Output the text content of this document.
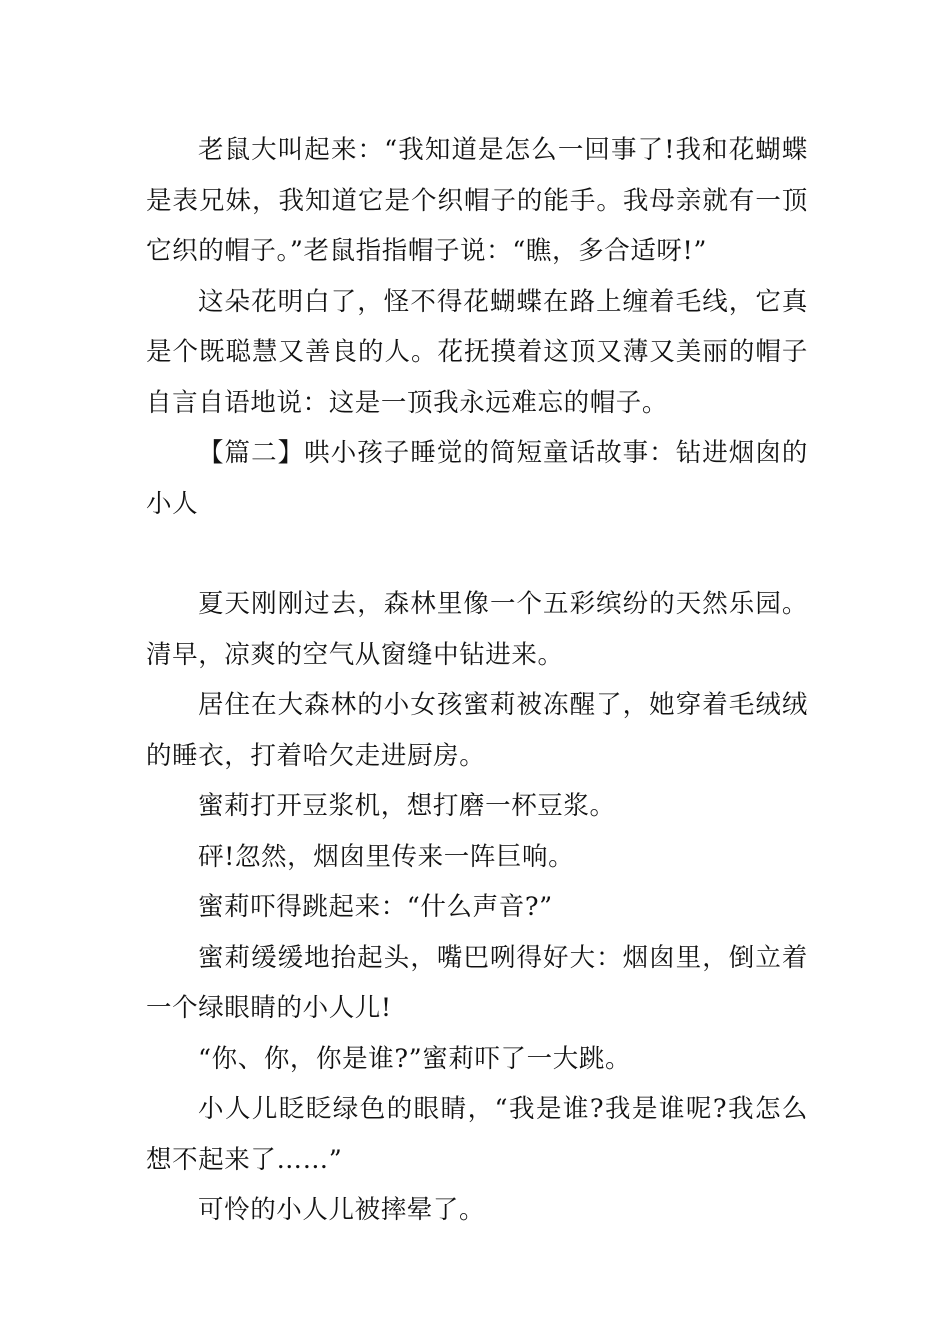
老鼠大叫起来：“我知道是怎么一回事了!我和花蝴蝶是表兄妹，我知道它是个织帽子的能手。我母亲就有一顶它织的帽子。”老鼠指指帽子说：“瞧，多合适呀!”

这朵花明白了，怪不得花蝴蝶在路上缠着毛线，它真是个既聪慧又善良的人。花抚摸着这顶又薄又美丽的帽子自言自语地说：这是一顶我永远难忘的帽子。

【篇二】哄小孩子睡觉的简短童话故事：钻进烟囱的小人

夏天刚刚过去，森林里像一个五彩缤纷的天然乐园。清早，凉爽的空气从窗缝中钻进来。

居住在大森林的小女孩蜜莉被冻醒了，她穿着毛绒绒的睡衣，打着哈欠走进厨房。

蜜莉打开豆浆机，想打磨一杯豆浆。

砰!忽然，烟囱里传来一阵巨响。

蜜莉吓得跳起来：“什么声音?”

蜜莉缓缓地抬起头，嘴巴咧得好大：烟囱里，倒立着一个绿眼睛的小人儿!

“你、你，你是谁?”蜜莉吓了一大跳。

小人儿眨眨绿色的眼睛，“我是谁?我是谁呢?我怎么想不起来了……”

可怜的小人儿被摔晕了。
